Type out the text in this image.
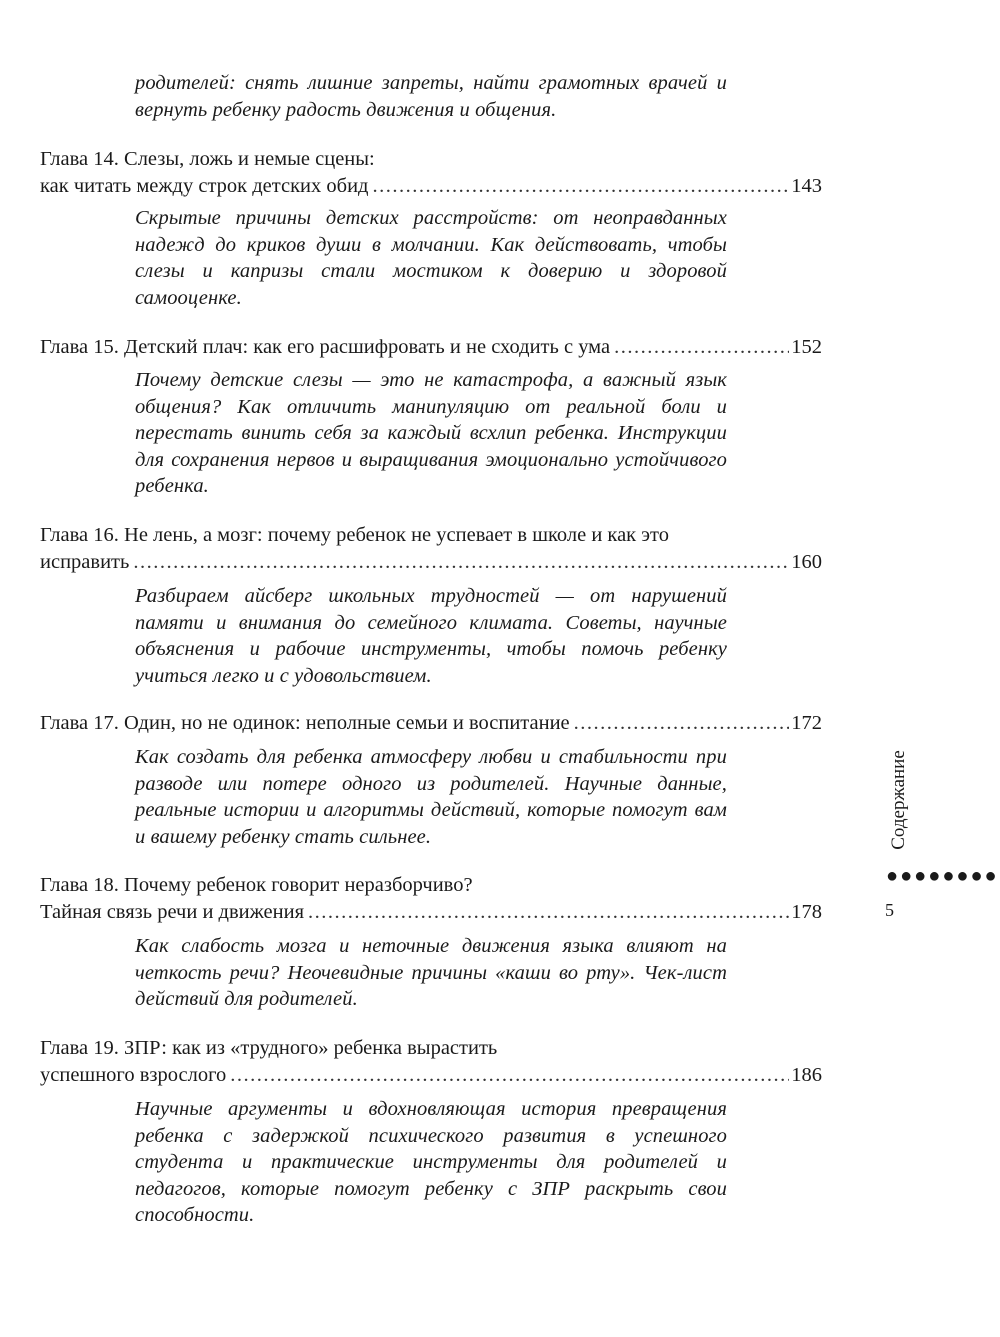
родителей: снять лишние запреты, найти грамотных врачей и вернуть ребенку радость движения и общения.
Глава 14. Слезы, ложь и немые сцены:
как читать между строк детских обид .....	143
Скрытые причины детских расстройств: от неоправданных надежд до криков души в молчании. Как действовать, чтобы слезы и капризы стали мостиком к доверию и здоровой самооценке.
Глава 15. Детский плач: как его расшифровать и не сходить с ума .....	152
Почему детские слезы — это не катастрофа, а важный язык общения? Как отличить манипуляцию от реальной боли и перестать винить себя за каждый всхлип ребенка. Инструкции для сохранения нервов и выращивания эмоционально устойчивого ребенка.
Глава 16. Не лень, а мозг: почему ребенок не успевает в школе и как это
исправить .....	160
Разбираем айсберг школьных трудностей — от нарушений памяти и внимания до семейного климата. Советы, научные объяснения и рабочие инструменты, чтобы помочь ребенку учиться легко и с удовольствием.
Глава 17. Один, но не одинок: неполные семьи и воспитание .....	172
Как создать для ребенка атмосферу любви и стабильности при разводе или потере одного из родителей. Научные данные, реальные истории и алгоритмы действий, которые помогут вам и вашему ребенку стать сильнее.
Глава 18. Почему ребенок говорит неразборчиво?
Тайная связь речи и движения .....	178
Как слабость мозга и неточные движения языка влияют на четкость речи? Неочевидные причины «каши во рту». Чек-лист действий для родителей.
Глава 19. ЗПР: как из «трудного» ребенка вырастить
успешного взрослого .....	186
Научные аргументы и вдохновляющая история превращения ребенка с задержкой психического развития в успешного студента и практические инструменты для родителей и педагогов, которые помогут ребенку с ЗПР раскрыть свои способности.
Содержание
●●●●●●●●
5
